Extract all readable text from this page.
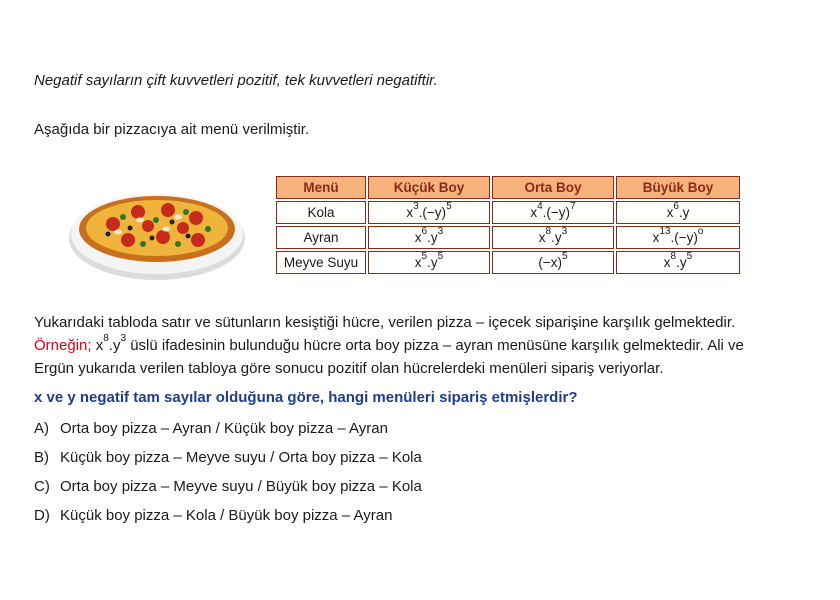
Negatif sayıların çift kuvvetleri pozitif, tek kuvvetleri negatiftir.
Aşağıda bir pizzacıya ait menü verilmiştir.
Menü	Küçük Boy	Orta Boy	Büyük Boy
Kola	$x^3.(-y)^5$	$x^4.(-y)^7$	$x^6.y$
Ayran	$x^6.y^3$	$x^8.y^3$	$x^{13}.(-y)^o$
Meyve Suyu	$x^5.y^5$	$(-x)^5$	$x^8.y^5$
Yukarıdaki tabloda satır ve sütunların kesiştiği hücre, verilen pizza – içecek siparişine karşılık gelmektedir.
Örneğin; $x^8.y^3$ üslü ifadesinin bulunduğu hücre orta boy pizza – ayran menüsüne karşılık gelmektedir. Ali ve
Ergün yukarıda verilen tabloya göre sonucu pozitif olan hücrelerdeki menüleri sipariş veriyorlar.
x ve y negatif tam sayılar olduğuna göre, hangi menüleri sipariş etmişlerdir?
A) Orta boy pizza – Ayran / Küçük boy pizza – Ayran
B) Küçük boy pizza – Meyve suyu / Orta boy pizza – Kola
C) Orta boy pizza – Meyve suyu / Büyük boy pizza – Kola
D) Küçük boy pizza – Kola / Büyük boy pizza – Ayran
